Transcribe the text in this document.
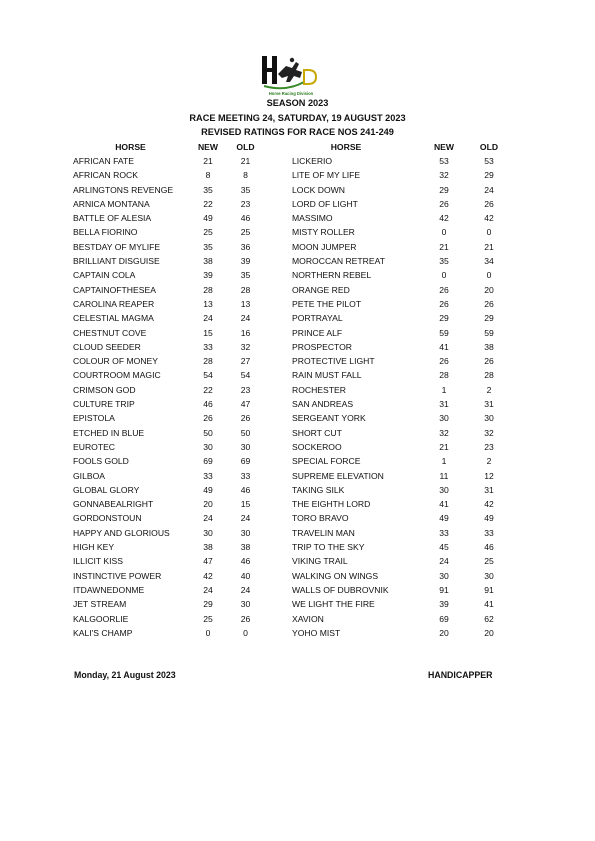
Horse Racing Division
SEASON 2023
RACE MEETING 24, SATURDAY, 19 AUGUST 2023
REVISED RATINGS FOR RACE NOS 241-249
HORSE	NEW	OLD	HORSE	NEW	OLD
AFRICAN FATE	21	21	LICKERIO	53	53
AFRICAN ROCK	8	8	LITE OF MY LIFE	32	29
ARLINGTONS REVENGE	35	35	LOCK DOWN	29	24
ARNICA MONTANA	22	23	LORD OF LIGHT	26	26
BATTLE OF ALESIA	49	46	MASSIMO	42	42
BELLA FIORINO	25	25	MISTY ROLLER	0	0
BESTDAY OF MYLIFE	35	36	MOON JUMPER	21	21
BRILLIANT DISGUISE	38	39	MOROCCAN RETREAT	35	34
CAPTAIN COLA	39	35	NORTHERN REBEL	0	0
CAPTAINOFTHESEA	28	28	ORANGE RED	26	20
CAROLINA REAPER	13	13	PETE THE PILOT	26	26
CELESTIAL MAGMA	24	24	PORTRAYAL	29	29
CHESTNUT COVE	15	16	PRINCE ALF	59	59
CLOUD SEEDER	33	32	PROSPECTOR	41	38
COLOUR OF MONEY	28	27	PROTECTIVE LIGHT	26	26
COURTROOM MAGIC	54	54	RAIN MUST FALL	28	28
CRIMSON GOD	22	23	ROCHESTER	1	2
CULTURE TRIP	46	47	SAN ANDREAS	31	31
EPISTOLA	26	26	SERGEANT YORK	30	30
ETCHED IN BLUE	50	50	SHORT CUT	32	32
EUROTEC	30	30	SOCKEROO	21	23
FOOLS GOLD	69	69	SPECIAL FORCE	1	2
GILBOA	33	33	SUPREME ELEVATION	11	12
GLOBAL GLORY	49	46	TAKING SILK	30	31
GONNABEALRIGHT	20	15	THE EIGHTH LORD	41	42
GORDONSTOUN	24	24	TORO BRAVO	49	49
HAPPY AND GLORIOUS	30	30	TRAVELIN MAN	33	33
HIGH KEY	38	38	TRIP TO THE SKY	45	46
ILLICIT KISS	47	46	VIKING TRAIL	24	25
INSTINCTIVE POWER	42	40	WALKING ON WINGS	30	30
ITDAWNEDONME	24	24	WALLS OF DUBROVNIK	91	91
JET STREAM	29	30	WE LIGHT THE FIRE	39	41
KALGOORLIE	25	26	XAVION	69	62
KALI'S CHAMP	0	0	YOHO MIST	20	20
Monday, 21 August 2023	HANDICAPPER
